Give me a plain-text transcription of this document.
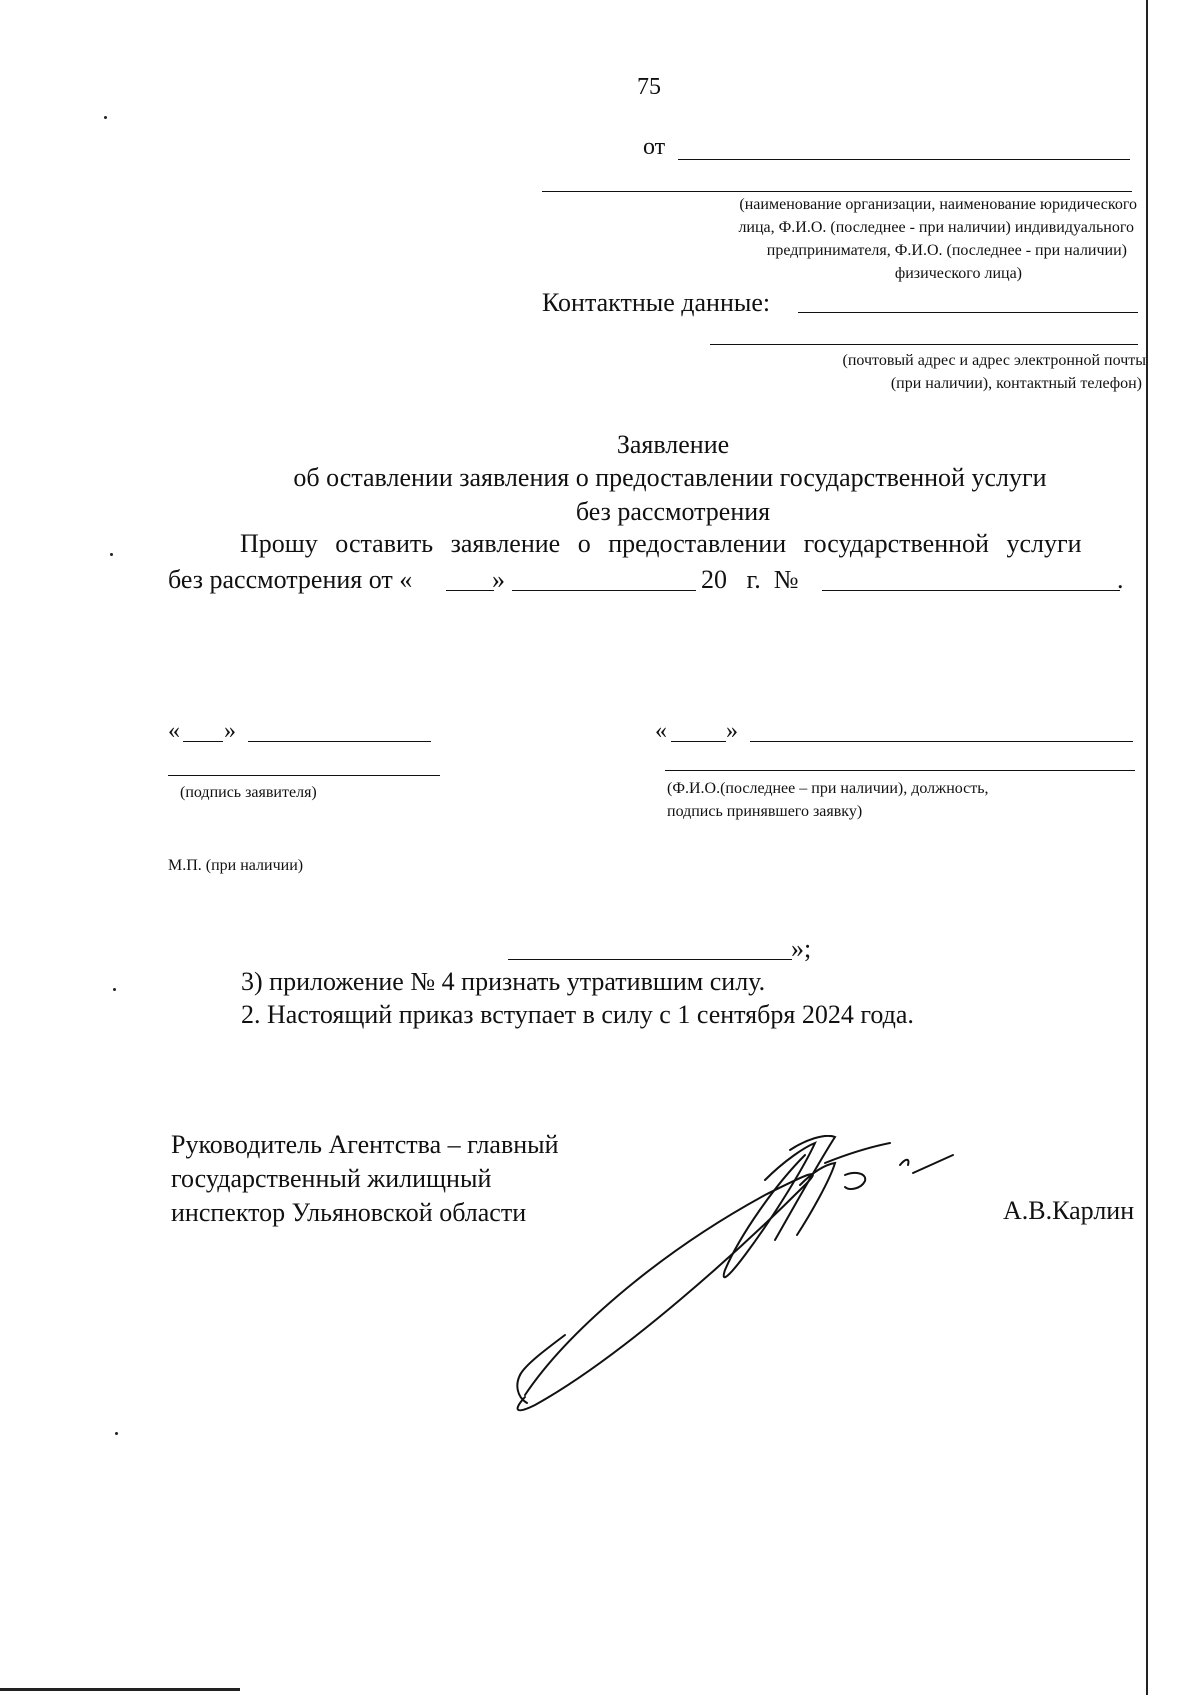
75
от
(наименование организации, наименование юридического
лица, Ф.И.О. (последнее - при наличии) индивидуального
предпринимателя, Ф.И.О. (последнее - при наличии)
физического лица)
Контактные данные:
(почтовый адрес и адрес электронной почты
(при наличии), контактный телефон)
Заявление
об оставлении заявления о предоставлении государственной услуги
без рассмотрения
Прошу оставить заявление о предоставлении государственной услуги
без рассмотрения от «	»	20   г.  №	.
« »	« »
(подпись заявителя)	(Ф.И.О.(последнее – при наличии), должность,
подпись принявшего заявку)
М.П. (при наличии)
»;
3) приложение № 4 признать утратившим силу.
2. Настоящий приказ вступает в силу с 1 сентября 2024 года.
Руководитель Агентства – главный
государственный жилищный
инспектор Ульяновской области	А.В.Карлин
